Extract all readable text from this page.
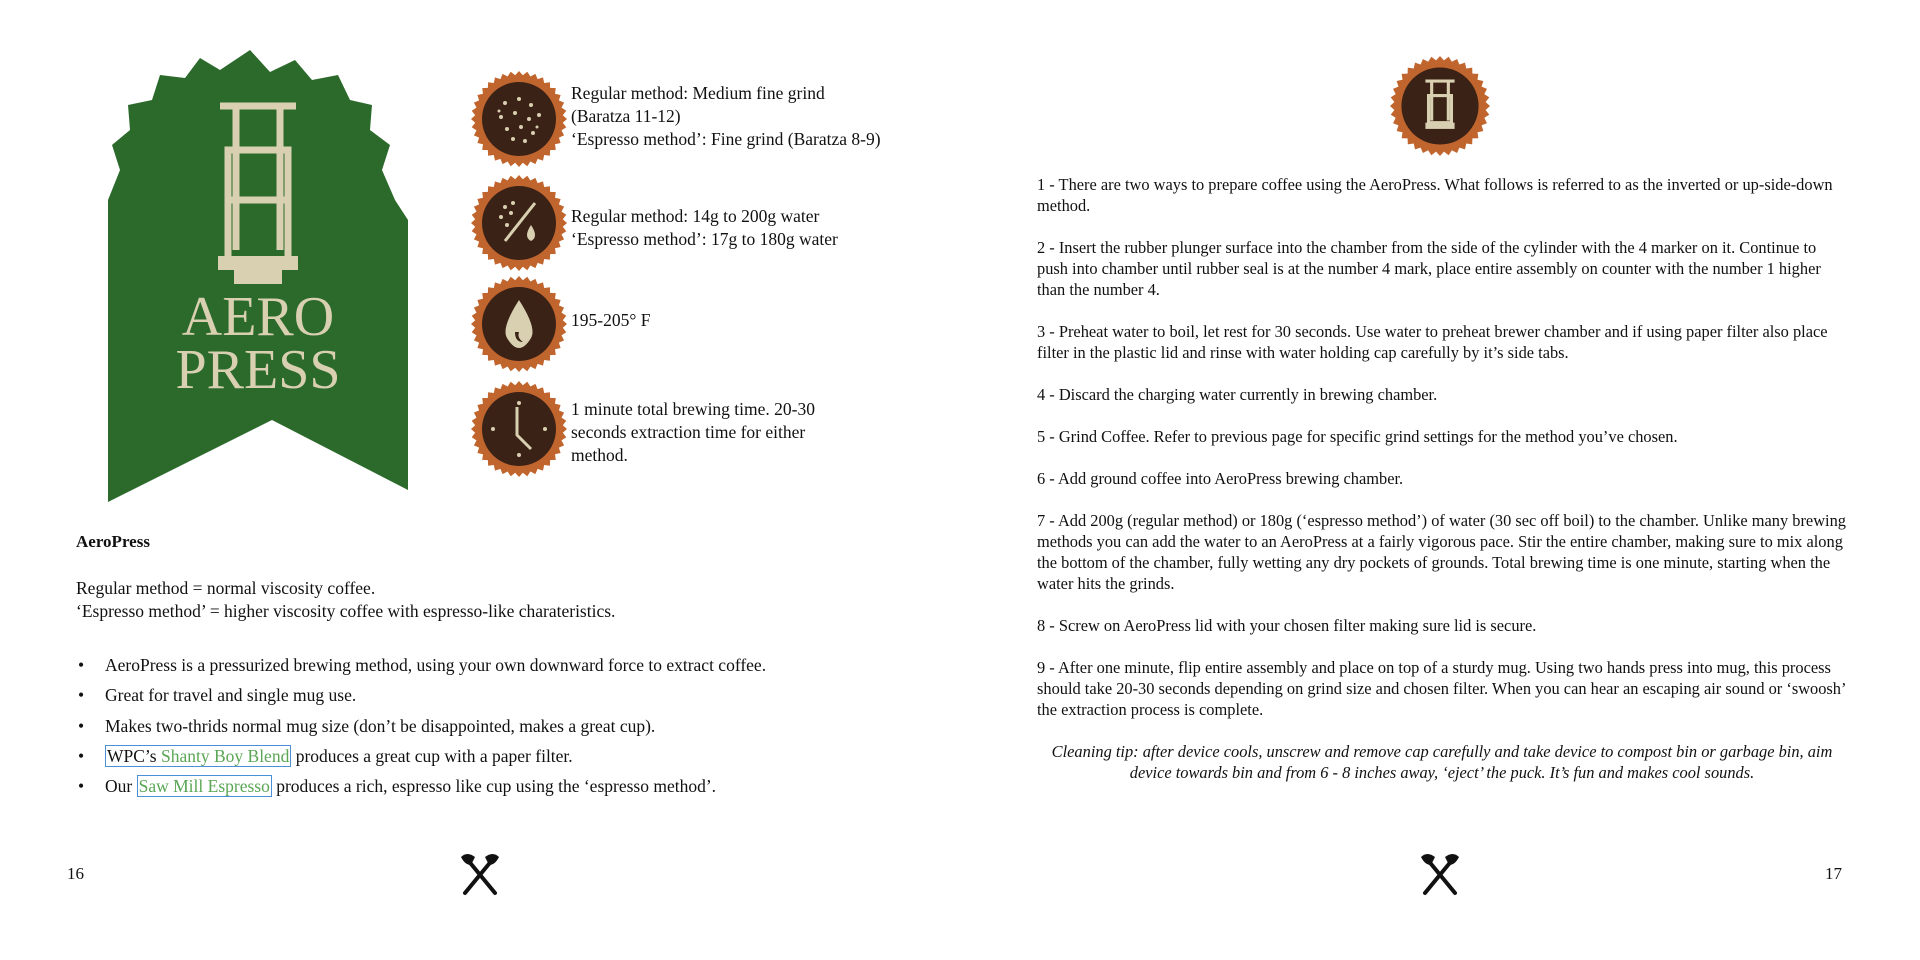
AERO
PRESS
Regular method: Medium fine grind
(Baratza 11-12)
‘Espresso method’: Fine grind (Baratza 8-9)
Regular method: 14g to 200g water
‘Espresso method’: 17g to 180g water
195-205° F
1 minute total brewing time. 20-30
seconds extraction time for either
method.
AeroPress
Regular method = normal viscosity coffee.
‘Espresso method’ = higher viscosity coffee with espresso-like charateristics.
• AeroPress is a pressurized brewing method, using your own downward force to extract coffee.
• Great for travel and single mug use.
• Makes two-thrids normal mug size (don’t be disappointed, makes a great cup).
• WPC’s Shanty Boy Blend produces a great cup with a paper filter.
• Our Saw Mill Espresso produces a rich, espresso like cup using the ‘espresso method’.
16

1 - There are two ways to prepare coffee using the AeroPress. What follows is referred to as the inverted or up-side-down method.

2 - Insert the rubber plunger surface into the chamber from the side of the cylinder with the 4 marker on it. Continue to push into chamber until rubber seal is at the number 4 mark, place entire assembly on counter with the number 1 higher than the number 4.

3 - Preheat water to boil, let rest for 30 seconds. Use water to preheat brewer chamber and if using paper filter also place filter in the plastic lid and rinse with water holding cap carefully by it’s side tabs.

4 - Discard the charging water currently in brewing chamber.

5 - Grind Coffee. Refer to previous page for specific grind settings for the method you’ve chosen.

6 - Add ground coffee into AeroPress brewing chamber.

7 - Add 200g (regular method) or 180g (‘espresso method’) of water (30 sec off boil) to the chamber. Unlike many brewing methods you can add the water to an AeroPress at a fairly vigorous pace. Stir the entire chamber, making sure to mix along the bottom of the chamber, fully wetting any dry pockets of grounds. Total brewing time is one minute, starting when the water hits the grinds.

8 - Screw on AeroPress lid with your chosen filter making sure lid is secure.

9 - After one minute, flip entire assembly and place on top of a sturdy mug. Using two hands press into mug, this process should take 20-30 seconds depending on grind size and chosen filter. When you can hear an escaping air sound or ‘swoosh’ the extraction process is complete.

Cleaning tip: after device cools, unscrew and remove cap carefully and take device to compost bin or garbage bin, aim device towards bin and from 6 - 8 inches away, ‘eject’ the puck. It’s fun and makes cool sounds.

17
